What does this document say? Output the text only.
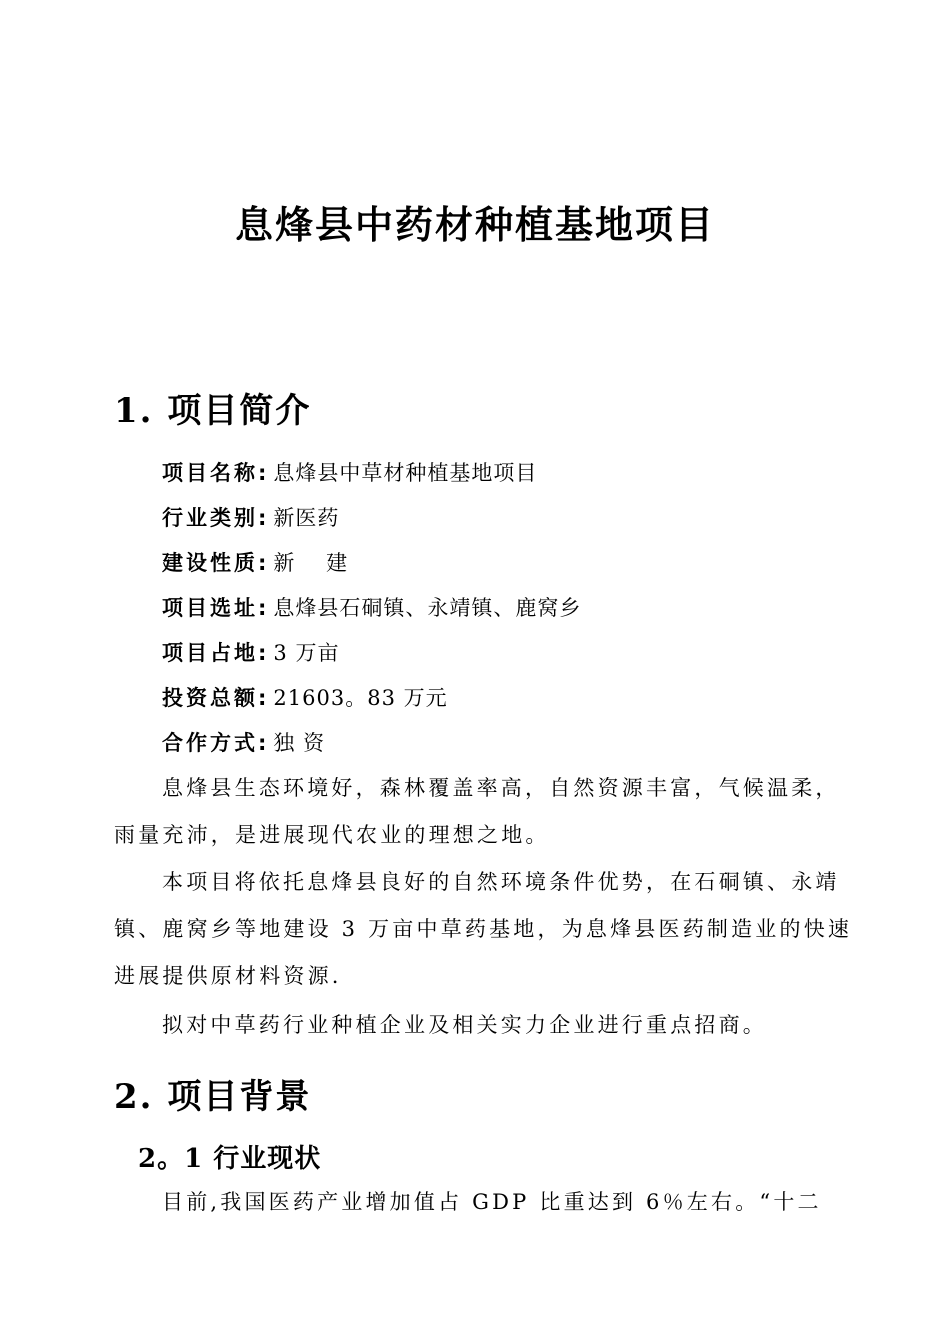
息烽县中药材种植基地项目
1. 项目简介
项目名称: 息烽县中草材种植基地项目
行业类别: 新医药
建设性质: 新    建
项目选址: 息烽县石硐镇、永靖镇、鹿窝乡
项目占地: 3 万亩
投资总额: 21603。83 万元
合作方式: 独 资
息烽县生态环境好，森林覆盖率高，自然资源丰富，气候温柔，
雨量充沛，是进展现代农业的理想之地。
本项目将依托息烽县良好的自然环境条件优势，在石硐镇、永靖
镇、鹿窝乡等地建设 3 万亩中草药基地，为息烽县医药制造业的快速
进展提供原材料资源.
拟对中草药行业种植企业及相关实力企业进行重点招商。
2. 项目背景
2。1 行业现状
目前,我国医药产业增加值占 GDP 比重达到 6％左右。“十二
